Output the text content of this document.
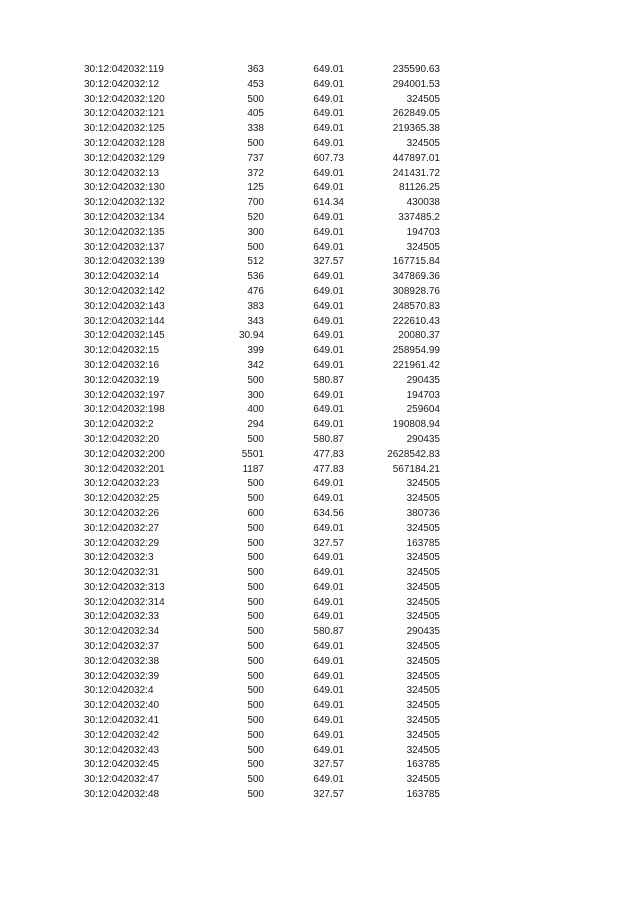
30:12:042032:119	363	649.01	235590.63
30:12:042032:12	453	649.01	294001.53
30:12:042032:120	500	649.01	324505
30:12:042032:121	405	649.01	262849.05
30:12:042032:125	338	649.01	219365.38
30:12:042032:128	500	649.01	324505
30:12:042032:129	737	607.73	447897.01
30:12:042032:13	372	649.01	241431.72
30:12:042032:130	125	649.01	81126.25
30:12:042032:132	700	614.34	430038
30:12:042032:134	520	649.01	337485.2
30:12:042032:135	300	649.01	194703
30:12:042032:137	500	649.01	324505
30:12:042032:139	512	327.57	167715.84
30:12:042032:14	536	649.01	347869.36
30:12:042032:142	476	649.01	308928.76
30:12:042032:143	383	649.01	248570.83
30:12:042032:144	343	649.01	222610.43
30:12:042032:145	30.94	649.01	20080.37
30:12:042032:15	399	649.01	258954.99
30:12:042032:16	342	649.01	221961.42
30:12:042032:19	500	580.87	290435
30:12:042032:197	300	649.01	194703
30:12:042032:198	400	649.01	259604
30:12:042032:2	294	649.01	190808.94
30:12:042032:20	500	580.87	290435
30:12:042032:200	5501	477.83	2628542.83
30:12:042032:201	1187	477.83	567184.21
30:12:042032:23	500	649.01	324505
30:12:042032:25	500	649.01	324505
30:12:042032:26	600	634.56	380736
30:12:042032:27	500	649.01	324505
30:12:042032:29	500	327.57	163785
30:12:042032:3	500	649.01	324505
30:12:042032:31	500	649.01	324505
30:12:042032:313	500	649.01	324505
30:12:042032:314	500	649.01	324505
30:12:042032:33	500	649.01	324505
30:12:042032:34	500	580.87	290435
30:12:042032:37	500	649.01	324505
30:12:042032:38	500	649.01	324505
30:12:042032:39	500	649.01	324505
30:12:042032:4	500	649.01	324505
30:12:042032:40	500	649.01	324505
30:12:042032:41	500	649.01	324505
30:12:042032:42	500	649.01	324505
30:12:042032:43	500	649.01	324505
30:12:042032:45	500	327.57	163785
30:12:042032:47	500	649.01	324505
30:12:042032:48	500	327.57	163785
